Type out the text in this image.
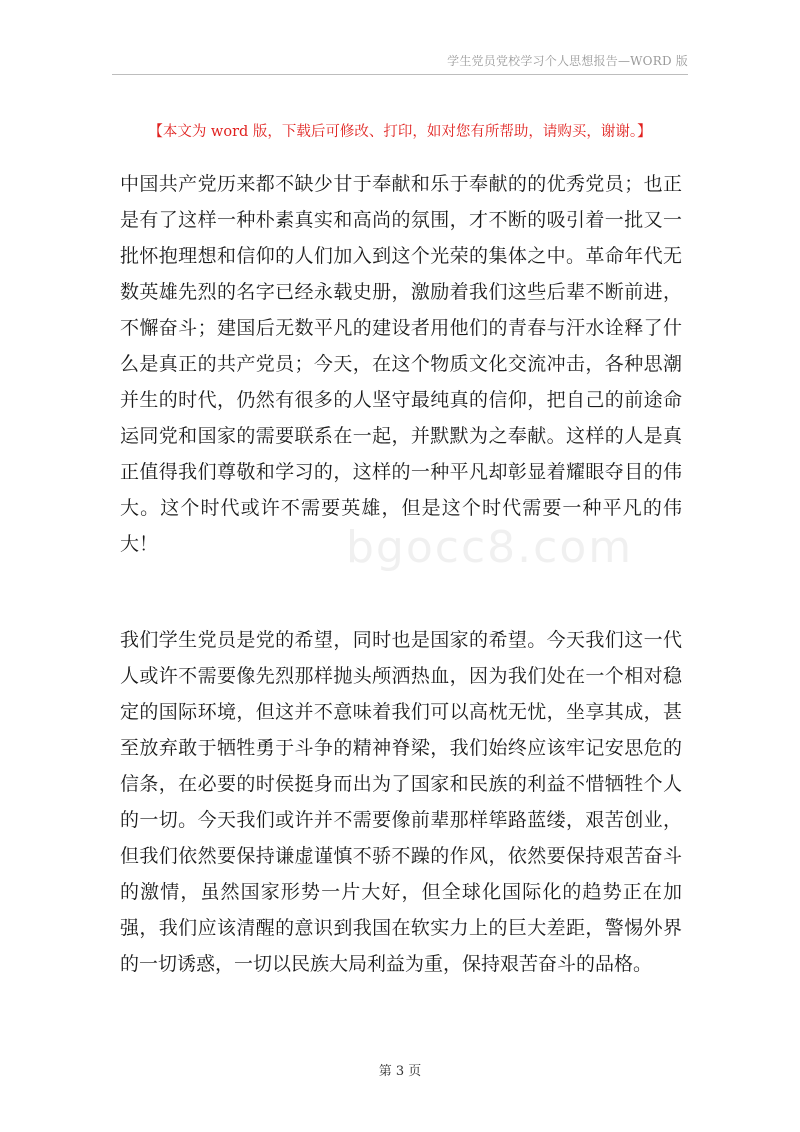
学生党员党校学习个人思想报告—WORD 版
【本文为 word 版，下载后可修改、打印，如对您有所帮助，请购买，谢谢。】

中国共产党历来都不缺少甘于奉献和乐于奉献的的优秀党员；也正是有了这样一种朴素真实和高尚的氛围，才不断的吸引着一批又一批怀抱理想和信仰的人们加入到这个光荣的集体之中。革命年代无数英雄先烈的名字已经永载史册，激励着我们这些后辈不断前进，不懈奋斗；建国后无数平凡的建设者用他们的青春与汗水诠释了什么是真正的共产党员；今天，在这个物质文化交流冲击，各种思潮并生的时代，仍然有很多的人坚守最纯真的信仰，把自己的前途命运同党和国家的需要联系在一起，并默默为之奉献。这样的人是真正值得我们尊敬和学习的，这样的一种平凡却彰显着耀眼夺目的伟大。这个时代或许不需要英雄，但是这个时代需要一种平凡的伟大！	bgocc8.com

我们学生党员是党的希望，同时也是国家的希望。今天我们这一代人或许不需要像先烈那样抛头颅洒热血，因为我们处在一个相对稳定的国际环境，但这并不意味着我们可以高枕无忧，坐享其成，甚至放弃敢于牺牲勇于斗争的精神脊梁，我们始终应该牢记安思危的信条，在必要的时侯挺身而出为了国家和民族的利益不惜牺牲个人的一切。今天我们或许并不需要像前辈那样筚路蓝缕，艰苦创业，但我们依然要保持谦虚谨慎不骄不躁的作风，依然要保持艰苦奋斗的激情，虽然国家形势一片大好，但全球化国际化的趋势正在加强，我们应该清醒的意识到我国在软实力上的巨大差距，警惕外界的一切诱惑，一切以民族大局利益为重，保持艰苦奋斗的品格。

第 3 页
